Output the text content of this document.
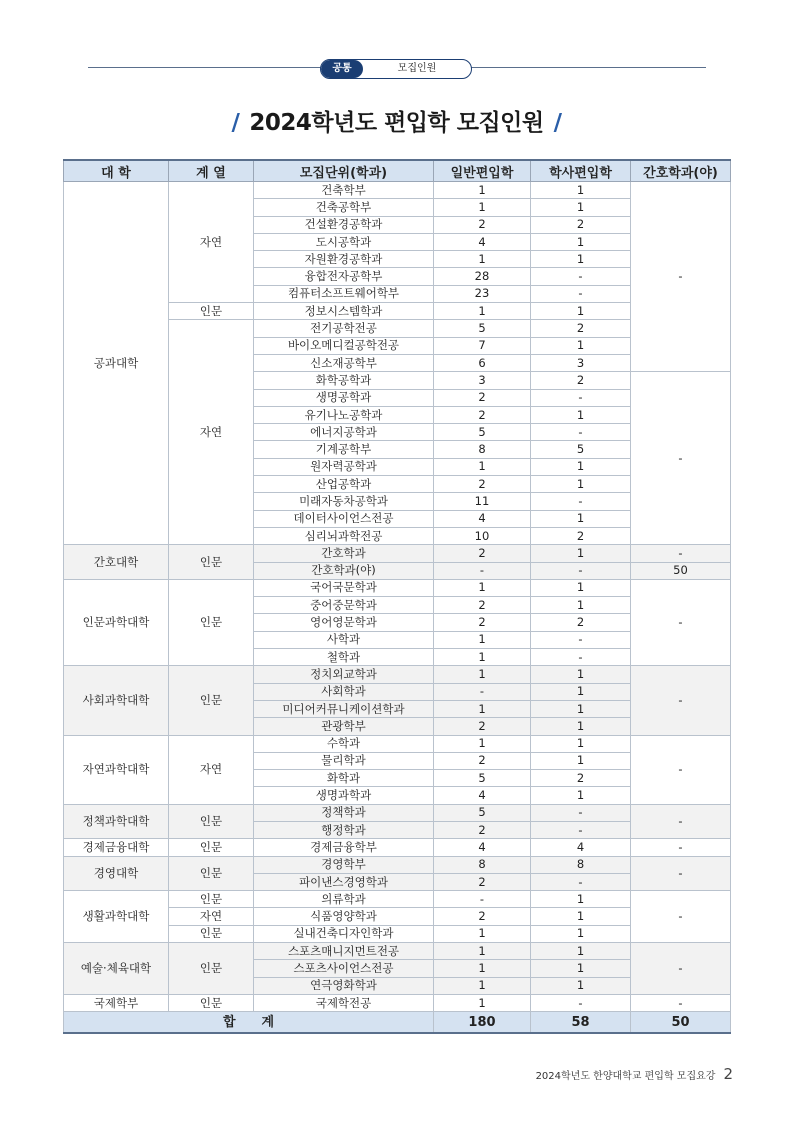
공통	모집인원
/ 2024학년도 편입학 모집인원 /
대 학	계 열	모집단위(학과)	일반편입학	학사편입학	간호학과(야)
공과대학	자연	건축학부	1	1	-
		건축공학부	1	1	
		건설환경공학과	2	2	
		도시공학과	4	1	
		자원환경공학과	1	1	
		융합전자공학부	28	-	
		컴퓨터소프트웨어학부	23	-	
	인문	정보시스템학과	1	1	
	자연	전기공학전공	5	2	
		바이오메디컬공학전공	7	1	
		신소재공학부	6	3	
		화학공학과	3	2	-
		생명공학과	2	-	
		유기나노공학과	2	1	
		에너지공학과	5	-	
		기계공학부	8	5	
		원자력공학과	1	1	
		산업공학과	2	1	
		미래자동차공학과	11	-	
		데이터사이언스전공	4	1	
		심리뇌과학전공	10	2	
간호대학	인문	간호학과	2	1	-
		간호학과(야)	-	-	50
인문과학대학	인문	국어국문학과	1	1	-
		중어중문학과	2	1	
		영어영문학과	2	2	
		사학과	1	-	
		철학과	1	-	
사회과학대학	인문	정치외교학과	1	1	-
		사회학과	-	1	
		미디어커뮤니케이션학과	1	1	
		관광학부	2	1	
자연과학대학	자연	수학과	1	1	-
		물리학과	2	1	
		화학과	5	2	
		생명과학과	4	1	
정책과학대학	인문	정책학과	5	-	-
		행정학과	2	-	
경제금융대학	인문	경제금융학부	4	4	-
경영대학	인문	경영학부	8	8	-
		파이낸스경영학과	2	-	
생활과학대학	인문	의류학과	-	1	-
	자연	식품영양학과	2	1	
	인문	실내건축디자인학과	1	1	
예술·체육대학	인문	스포츠매니지먼트전공	1	1	-
		스포츠사이언스전공	1	1	
		연극영화학과	1	1	
국제학부	인문	국제학전공	1	-	-
합　　계			180	58	50
2024학년도 한양대학교 편입학 모집요강 2
